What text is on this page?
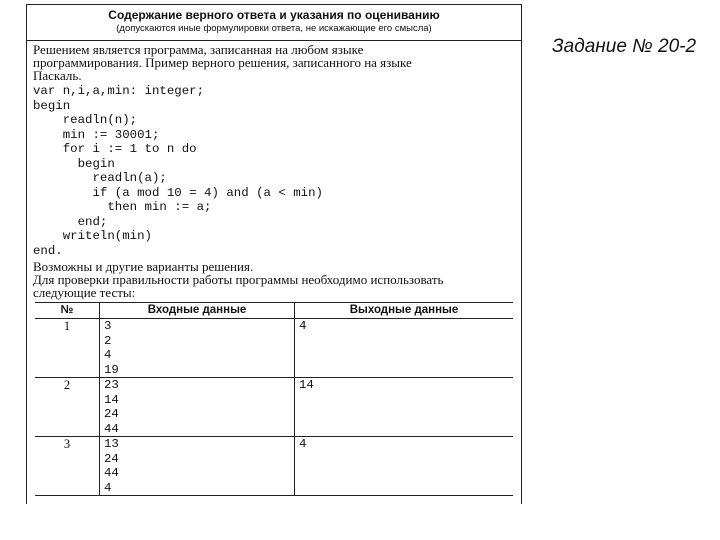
Содержание верного ответа и указания по оцениванию
(допускаются иные формулировки ответа, не искажающие его смысла)

Решением является программа, записанная на любом языке

программирования. Пример верного решения, записанного на языке

Паскаль.

var n,i,a,min: integer;
begin
readln(n);
min := 30001;
for i := 1 to n do
begin
readln(a);
if (a mod 10 = 4) and (a < min)
then min := a;
end;
writeln(min)
end.

Возможны и другие варианты решения.

Для проверки правильности работы программы необходимо использовать

следующие тесты:

№	Входные данные	Выходные данные
1	3
2
4
19	4

2	23
14
24
44	14

3	13
24
44
4	4
Задание № 20-2
